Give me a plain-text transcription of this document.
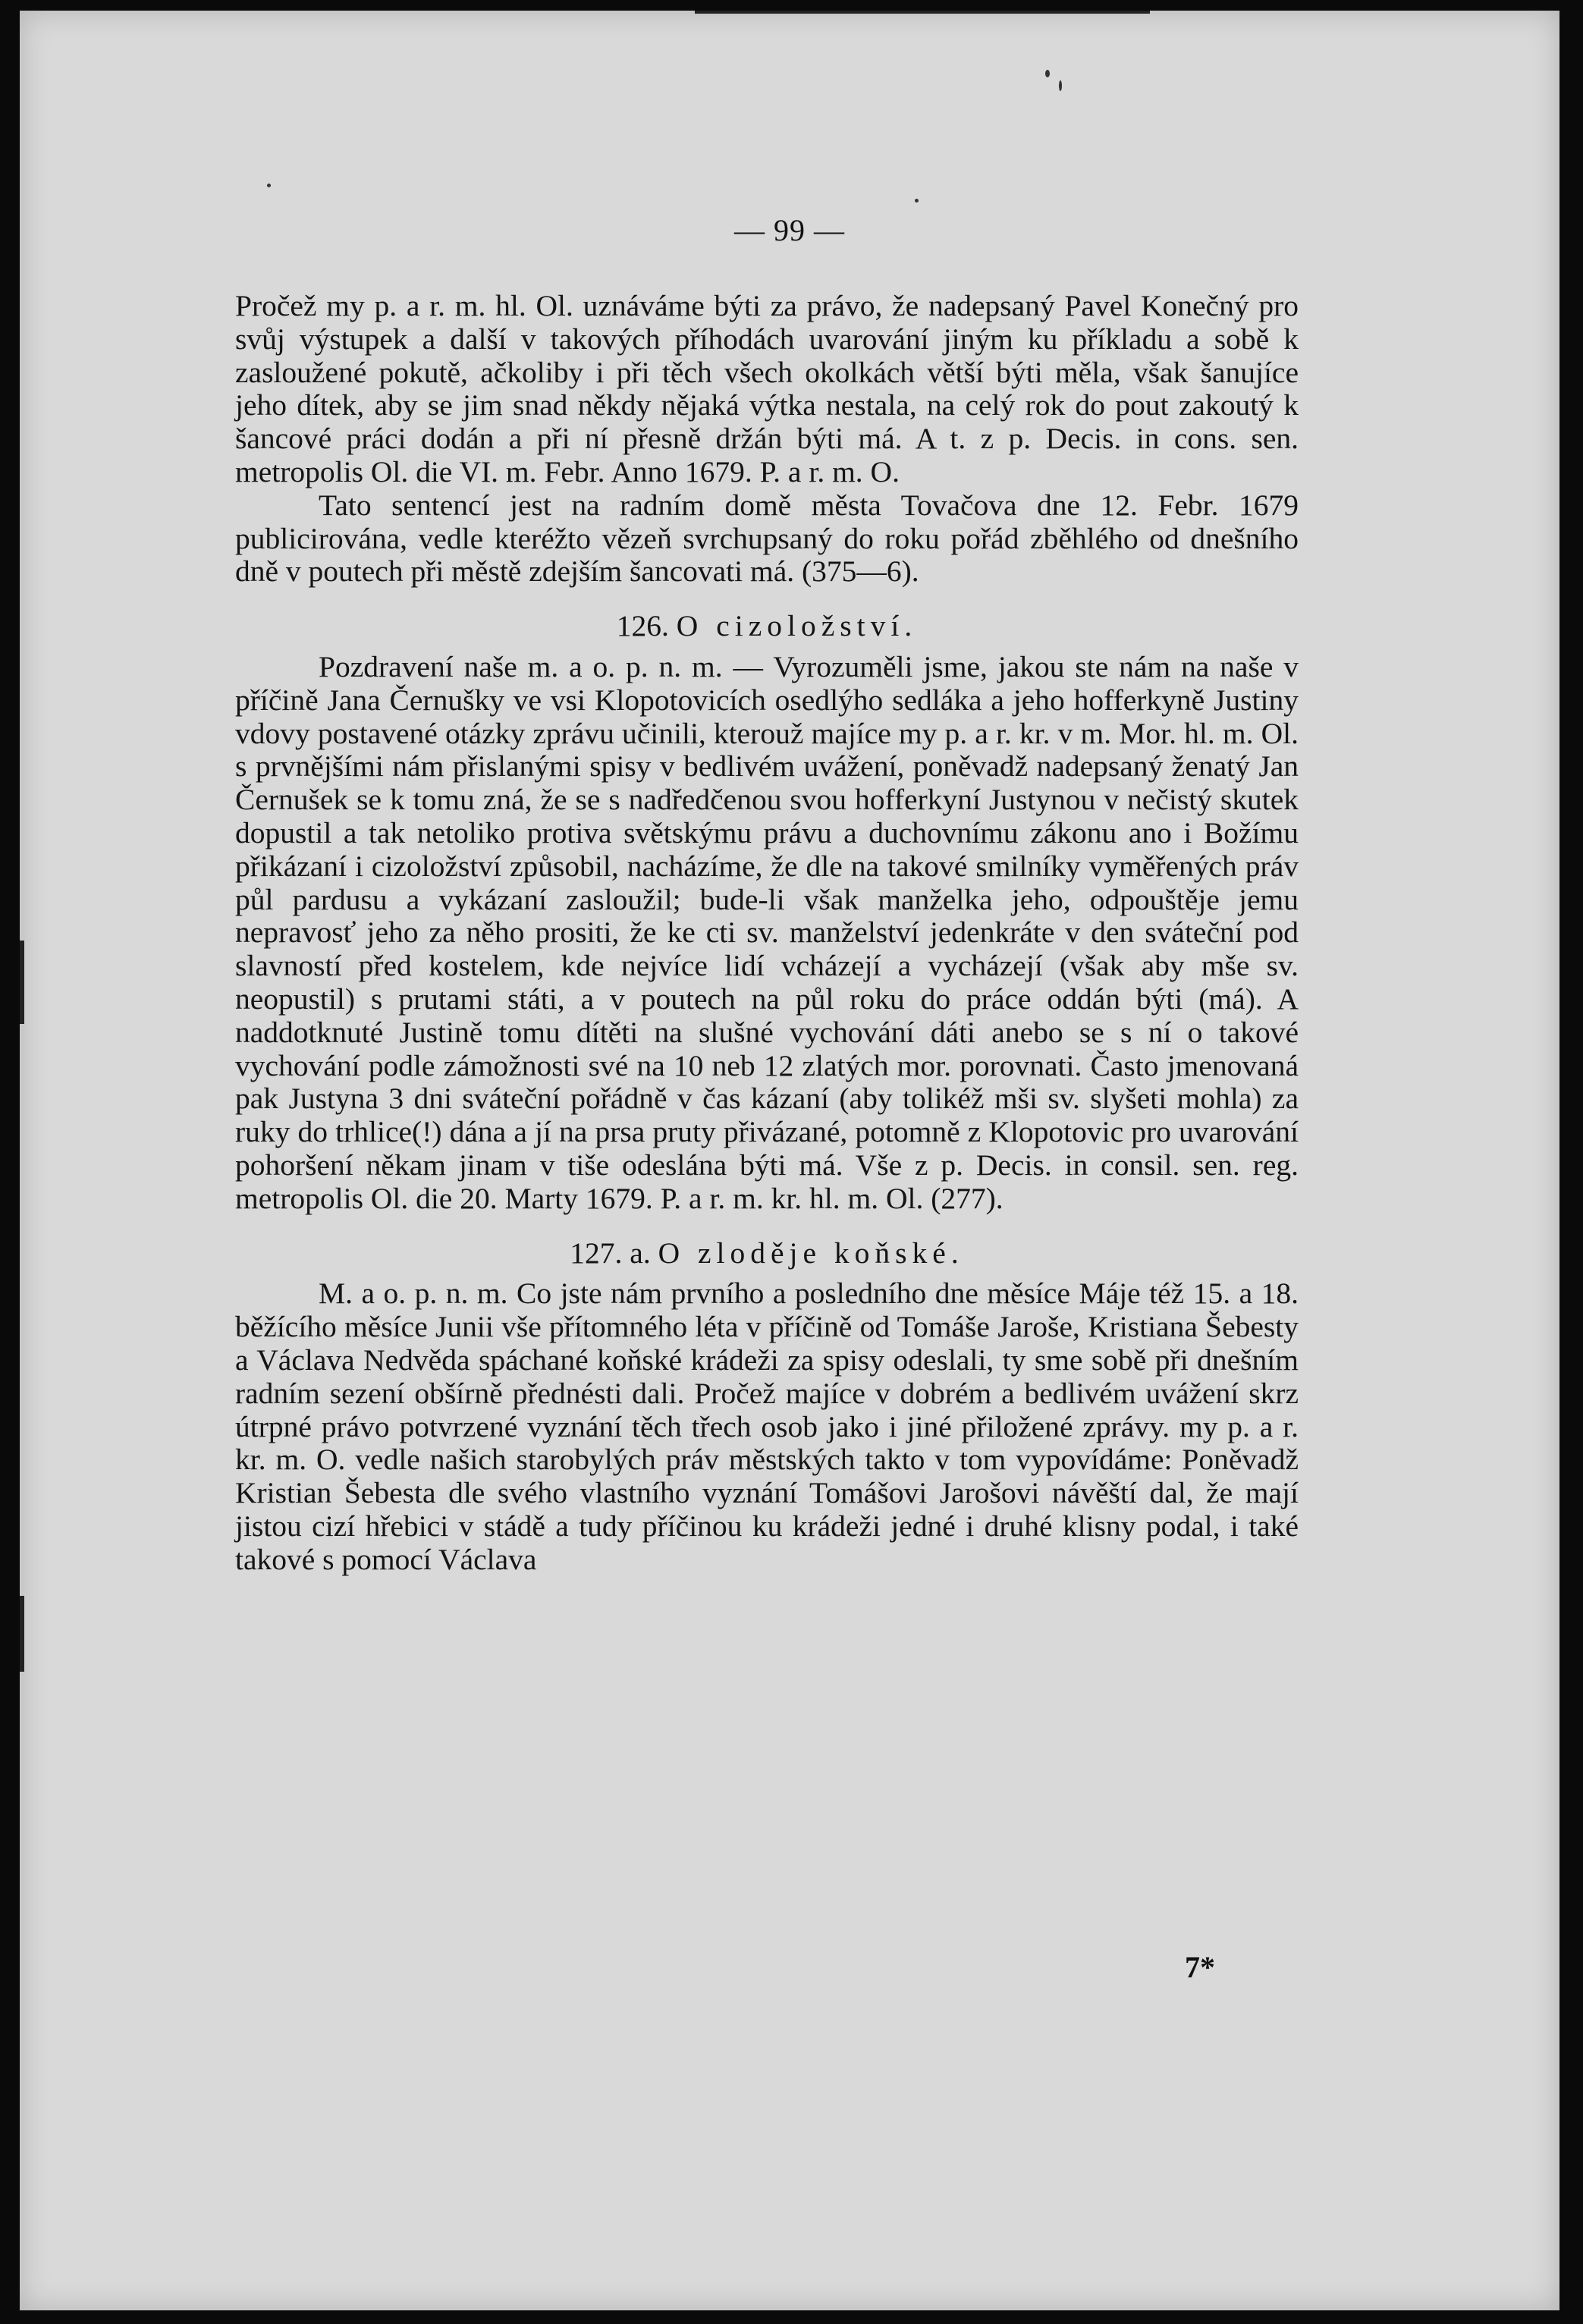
— 99 —

Pročež my p. a r. m. hl. Ol. uznáváme býti za právo, že nadepsaný Pavel Konečný pro svůj výstupek a další v takových příhodách uvarování jiným ku příkladu a sobě k zasloužené pokutě, ačkoliby i při těch všech okolkách větší býti měla, však šanujíce jeho dítek, aby se jim snad někdy nějaká výtka nestala, na celý rok do pout zakoutý k šancové práci dodán a při ní přesně držán býti má. A t. z p. Decis. in cons. sen. metropolis Ol. die VI. m. Febr. Anno 1679. P. a r. m. O.

Tato sentencí jest na radním domě města Tovačova dne 12. Febr. 1679 publicirována, vedle kteréžto vězeň svrchupsaný do roku pořád zběhlého od dnešního dně v poutech při městě zdejším šancovati má. (375—6).

126. O cizoložství.

Pozdravení naše m. a o. p. n. m. — Vyrozuměli jsme, jakou ste nám na naše v příčině Jana Černušky ve vsi Klopotovicích osedlýho sedláka a jeho hofferkyně Justiny vdovy postavené otázky zprávu učinili, kterouž majíce my p. a r. kr. v m. Mor. hl. m. Ol. s prvnějšími nám přislanými spisy v bedlivém uvážení, poněvadž nadepsaný ženatý Jan Černušek se k tomu zná, že se s nadředčenou svou hofferkyní Justynou v nečistý skutek dopustil a tak netoliko protiva světskýmu právu a duchovnímu zákonu ano i Božímu přikázaní i cizoložství způsobil, nacházíme, že dle na takové smilníky vyměřených práv půl pardusu a vykázaní zasloužil; bude-li však manželka jeho, odpouštěje jemu nepravosť jeho za něho prositi, že ke cti sv. manželství jedenkráte v den sváteční pod slavností před kostelem, kde nejvíce lidí vcházejí a vycházejí (však aby mše sv. neopustil) s prutami státi, a v poutech na půl roku do práce oddán býti (má). A naddotknuté Justině tomu dítěti na slušné vychování dáti anebo se s ní o takové vychování podle zámožnosti své na 10 neb 12 zlatých mor. porovnati. Často jmenovaná pak Justyna 3 dni sváteční pořádně v čas kázaní (aby tolikéž mši sv. slyšeti mohla) za ruky do trhlice(!) dána a jí na prsa pruty přivázané, potomně z Klopotovic pro uvarování pohoršení někam jinam v tiše odeslána býti má. Vše z p. Decis. in consil. sen. reg. metropolis Ol. die 20. Marty 1679. P. a r. m. kr. hl. m. Ol. (277).

127. a. O zloděje koňské.

M. a o. p. n. m. Co jste nám prvního a posledního dne měsíce Máje též 15. a 18. běžícího měsíce Junii vše přítomného léta v příčině od Tomáše Jaroše, Kristiana Šebesty a Václava Nedvěda spáchané koňské krádeži za spisy odeslali, ty sme sobě při dnešním radním sezení obšírně přednésti dali. Pročež majíce v dobrém a bedlivém uvážení skrz útrpné právo potvrzené vyznání těch třech osob jako i jiné přiložené zprávy. my p. a r. kr. m. O. vedle našich starobylých práv městských takto v tom vypovídáme: Poněvadž Kristian Šebesta dle svého vlastního vyznání Tomášovi Jarošovi návěští dal, že mají jistou cizí hřebici v stádě a tudy příčinou ku krádeži jedné i druhé klisny podal, i také takové s pomocí Václava

7*
